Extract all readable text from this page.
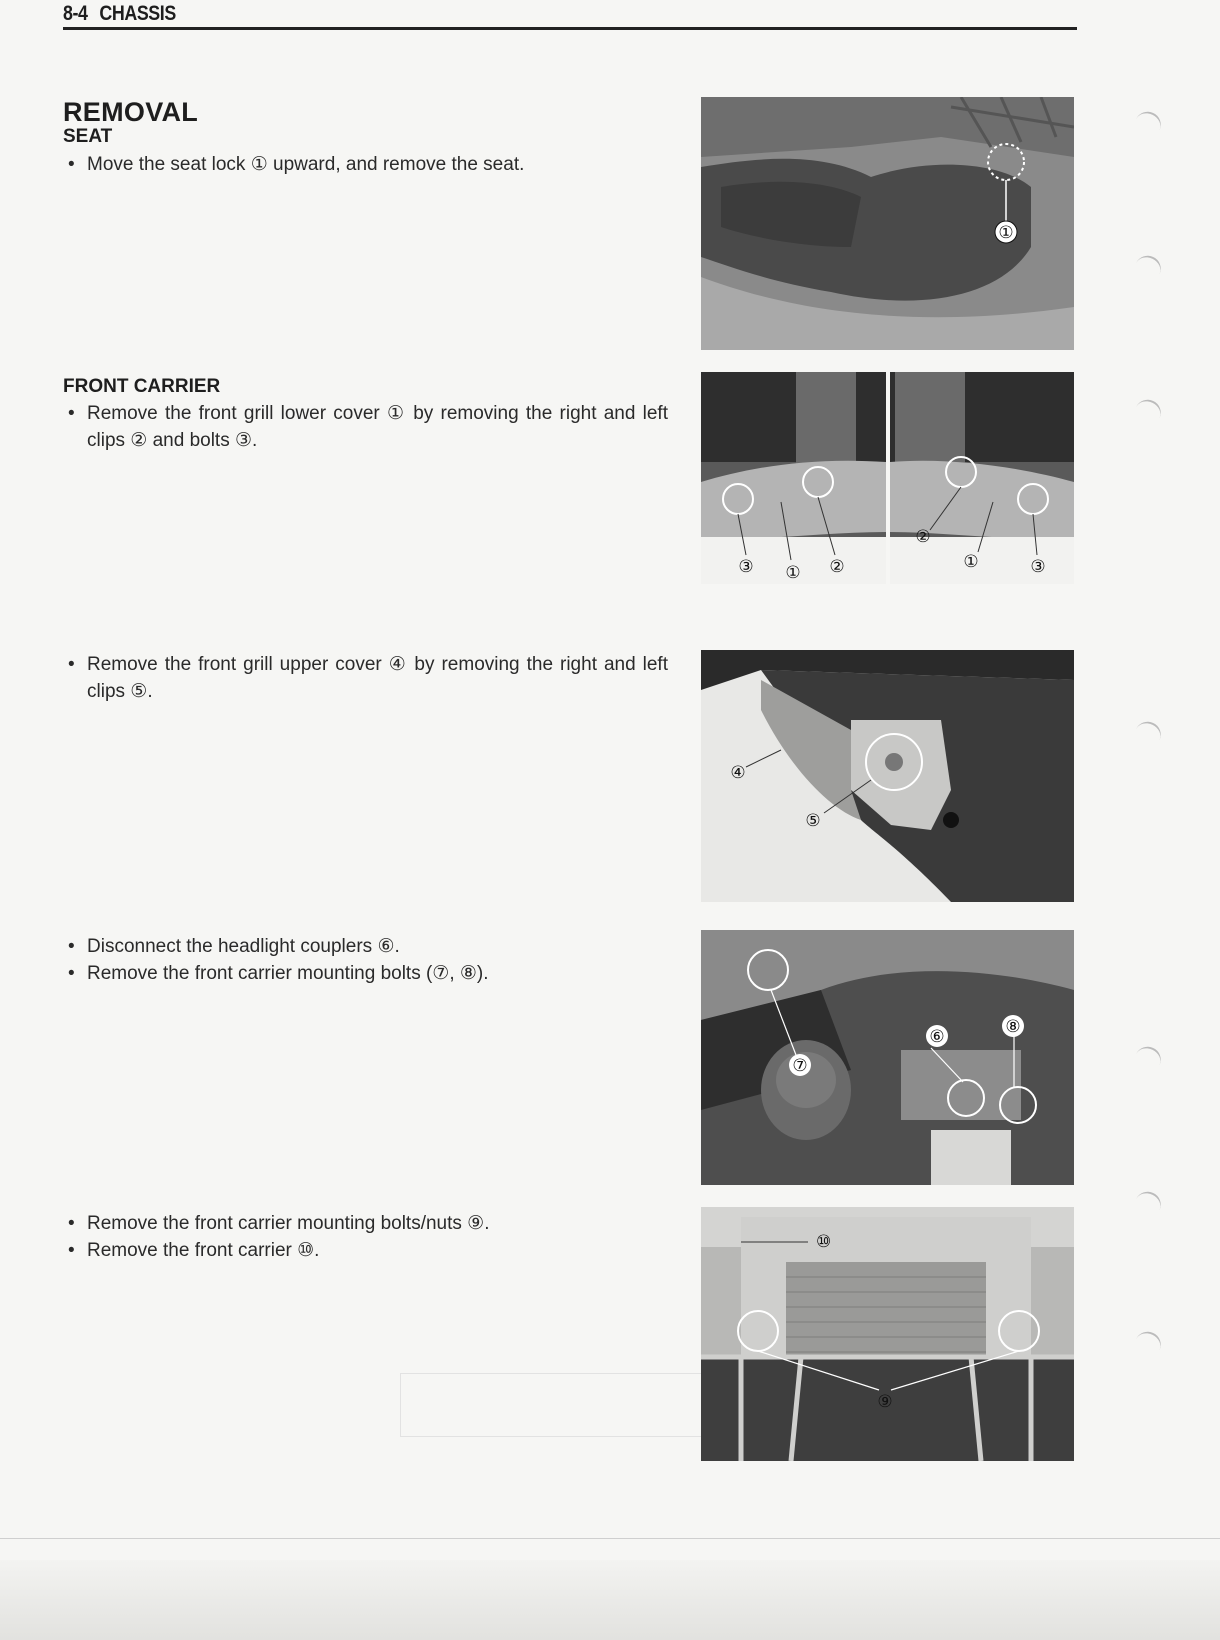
8-4 CHASSIS
REMOVAL
SEAT
• Move the seat lock ① upward, and remove the seat.
FRONT CARRIER
• Remove the front grill lower cover ① by removing the right and left clips ② and bolts ③.
• Remove the front grill upper cover ④ by removing the right and left clips ⑤.
• Disconnect the headlight couplers ⑥.
• Remove the front carrier mounting bolts (⑦, ⑧).
• Remove the front carrier mounting bolts/nuts ⑨.
• Remove the front carrier ⑩.
①
③ ① ②
②
①	③
④
⑤
⑦
⑥
⑧
⑨
⑩
